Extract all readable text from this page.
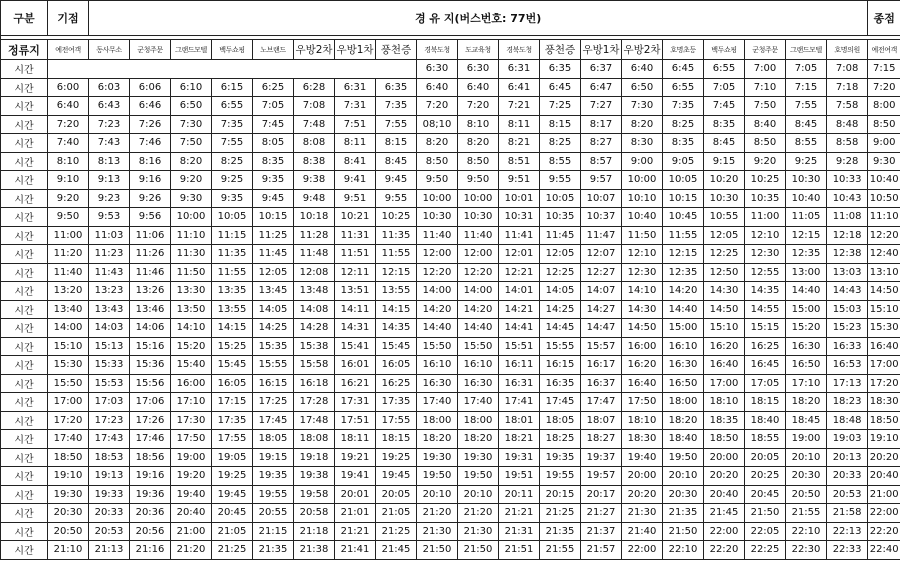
구분	기점	경 유 지(버스번호: 77번)																			종점

정류지	예전여객	동사무소	군청주문	그랜드모텔	백두쇼핑	노브랜드	우방2차	우방1차	풍천증	경북도청	도교육청	경북도청	풍천증	우방1차	우방2차	호명초등	백두쇼핑	군청주문	그랜드모텔	호명의원	예전여객
시간										6:30	6:30	6:31	6:35	6:37	6:40	6:45	6:55	7:00	7:05	7:08	7:15
시간	6:00	6:03	6:06	6:10	6:15	6:25	6:28	6:31	6:35	6:40	6:40	6:41	6:45	6:47	6:50	6:55	7:05	7:10	7:15	7:18	7:20
시간	6:40	6:43	6:46	6:50	6:55	7:05	7:08	7:31	7:35	7:20	7:20	7:21	7:25	7:27	7:30	7:35	7:45	7:50	7:55	7:58	8:00
시간	7:20	7:23	7:26	7:30	7:35	7:45	7:48	7:51	7:55	08;10	8:10	8:11	8:15	8:17	8:20	8:25	8:35	8:40	8:45	8:48	8:50
시간	7:40	7:43	7:46	7:50	7:55	8:05	8:08	8:11	8:15	8:20	8:20	8:21	8:25	8:27	8:30	8:35	8:45	8:50	8:55	8:58	9:00
시간	8:10	8:13	8:16	8:20	8:25	8:35	8:38	8:41	8:45	8:50	8:50	8:51	8:55	8:57	9:00	9:05	9:15	9:20	9:25	9:28	9:30
시간	9:10	9:13	9:16	9:20	9:25	9:35	9:38	9:41	9:45	9:50	9:50	9:51	9:55	9:57	10:00	10:05	10:20	10:25	10:30	10:33	10:40
시간	9:20	9:23	9:26	9:30	9:35	9:45	9:48	9:51	9:55	10:00	10:00	10:01	10:05	10:07	10:10	10:15	10:30	10:35	10:40	10:43	10:50
시간	9:50	9:53	9:56	10:00	10:05	10:15	10:18	10:21	10:25	10:30	10:30	10:31	10:35	10:37	10:40	10:45	10:55	11:00	11:05	11:08	11:10
시간	11:00	11:03	11:06	11:10	11:15	11:25	11:28	11:31	11:35	11:40	11:40	11:41	11:45	11:47	11:50	11:55	12:05	12:10	12:15	12:18	12:20
시간	11:20	11:23	11:26	11:30	11:35	11:45	11:48	11:51	11:55	12:00	12:00	12:01	12:05	12:07	12:10	12:15	12:25	12:30	12:35	12:38	12:40
시간	11:40	11:43	11:46	11:50	11:55	12:05	12:08	12:11	12:15	12:20	12:20	12:21	12:25	12:27	12:30	12:35	12:50	12:55	13:00	13:03	13:10
시간	13:20	13:23	13:26	13:30	13:35	13:45	13:48	13:51	13:55	14:00	14:00	14:01	14:05	14:07	14:10	14:20	14:30	14:35	14:40	14:43	14:50
시간	13:40	13:43	13:46	13:50	13:55	14:05	14:08	14:11	14:15	14:20	14:20	14:21	14:25	14:27	14:30	14:40	14:50	14:55	15:00	15:03	15:10
시간	14:00	14:03	14:06	14:10	14:15	14:25	14:28	14:31	14:35	14:40	14:40	14:41	14:45	14:47	14:50	15:00	15:10	15:15	15:20	15:23	15:30
시간	15:10	15:13	15:16	15:20	15:25	15:35	15:38	15:41	15:45	15:50	15:50	15:51	15:55	15:57	16:00	16:10	16:20	16:25	16:30	16:33	16:40
시간	15:30	15:33	15:36	15:40	15:45	15:55	15:58	16:01	16:05	16:10	16:10	16:11	16:15	16:17	16:20	16:30	16:40	16:45	16:50	16:53	17:00
시간	15:50	15:53	15:56	16:00	16:05	16:15	16:18	16:21	16:25	16:30	16:30	16:31	16:35	16:37	16:40	16:50	17:00	17:05	17:10	17:13	17:20
시간	17:00	17:03	17:06	17:10	17:15	17:25	17:28	17:31	17:35	17:40	17:40	17:41	17:45	17:47	17:50	18:00	18:10	18:15	18:20	18:23	18:30
시간	17:20	17:23	17:26	17:30	17:35	17:45	17:48	17:51	17:55	18:00	18:00	18:01	18:05	18:07	18:10	18:20	18:35	18:40	18:45	18:48	18:50
시간	17:40	17:43	17:46	17:50	17:55	18:05	18:08	18:11	18:15	18:20	18:20	18:21	18:25	18:27	18:30	18:40	18:50	18:55	19:00	19:03	19:10
시간	18:50	18:53	18:56	19:00	19:05	19:15	19:18	19:21	19:25	19:30	19:30	19:31	19:35	19:37	19:40	19:50	20:00	20:05	20:10	20:13	20:20
시간	19:10	19:13	19:16	19:20	19:25	19:35	19:38	19:41	19:45	19:50	19:50	19:51	19:55	19:57	20:00	20:10	20:20	20:25	20:30	20:33	20:40
시간	19:30	19:33	19:36	19:40	19:45	19:55	19:58	20:01	20:05	20:10	20:10	20:11	20:15	20:17	20:20	20:30	20:40	20:45	20:50	20:53	21:00
시간	20:30	20:33	20:36	20:40	20:45	20:55	20:58	21:01	21:05	21:20	21:20	21:21	21:25	21:27	21:30	21:35	21:45	21:50	21:55	21:58	22:00
시간	20:50	20:53	20:56	21:00	21:05	21:15	21:18	21:21	21:25	21:30	21:30	21:31	21:35	21:37	21:40	21:50	22:00	22:05	22:10	22:13	22:20
시간	21:10	21:13	21:16	21:20	21:25	21:35	21:38	21:41	21:45	21:50	21:50	21:51	21:55	21:57	22:00	22:10	22:20	22:25	22:30	22:33	22:40
